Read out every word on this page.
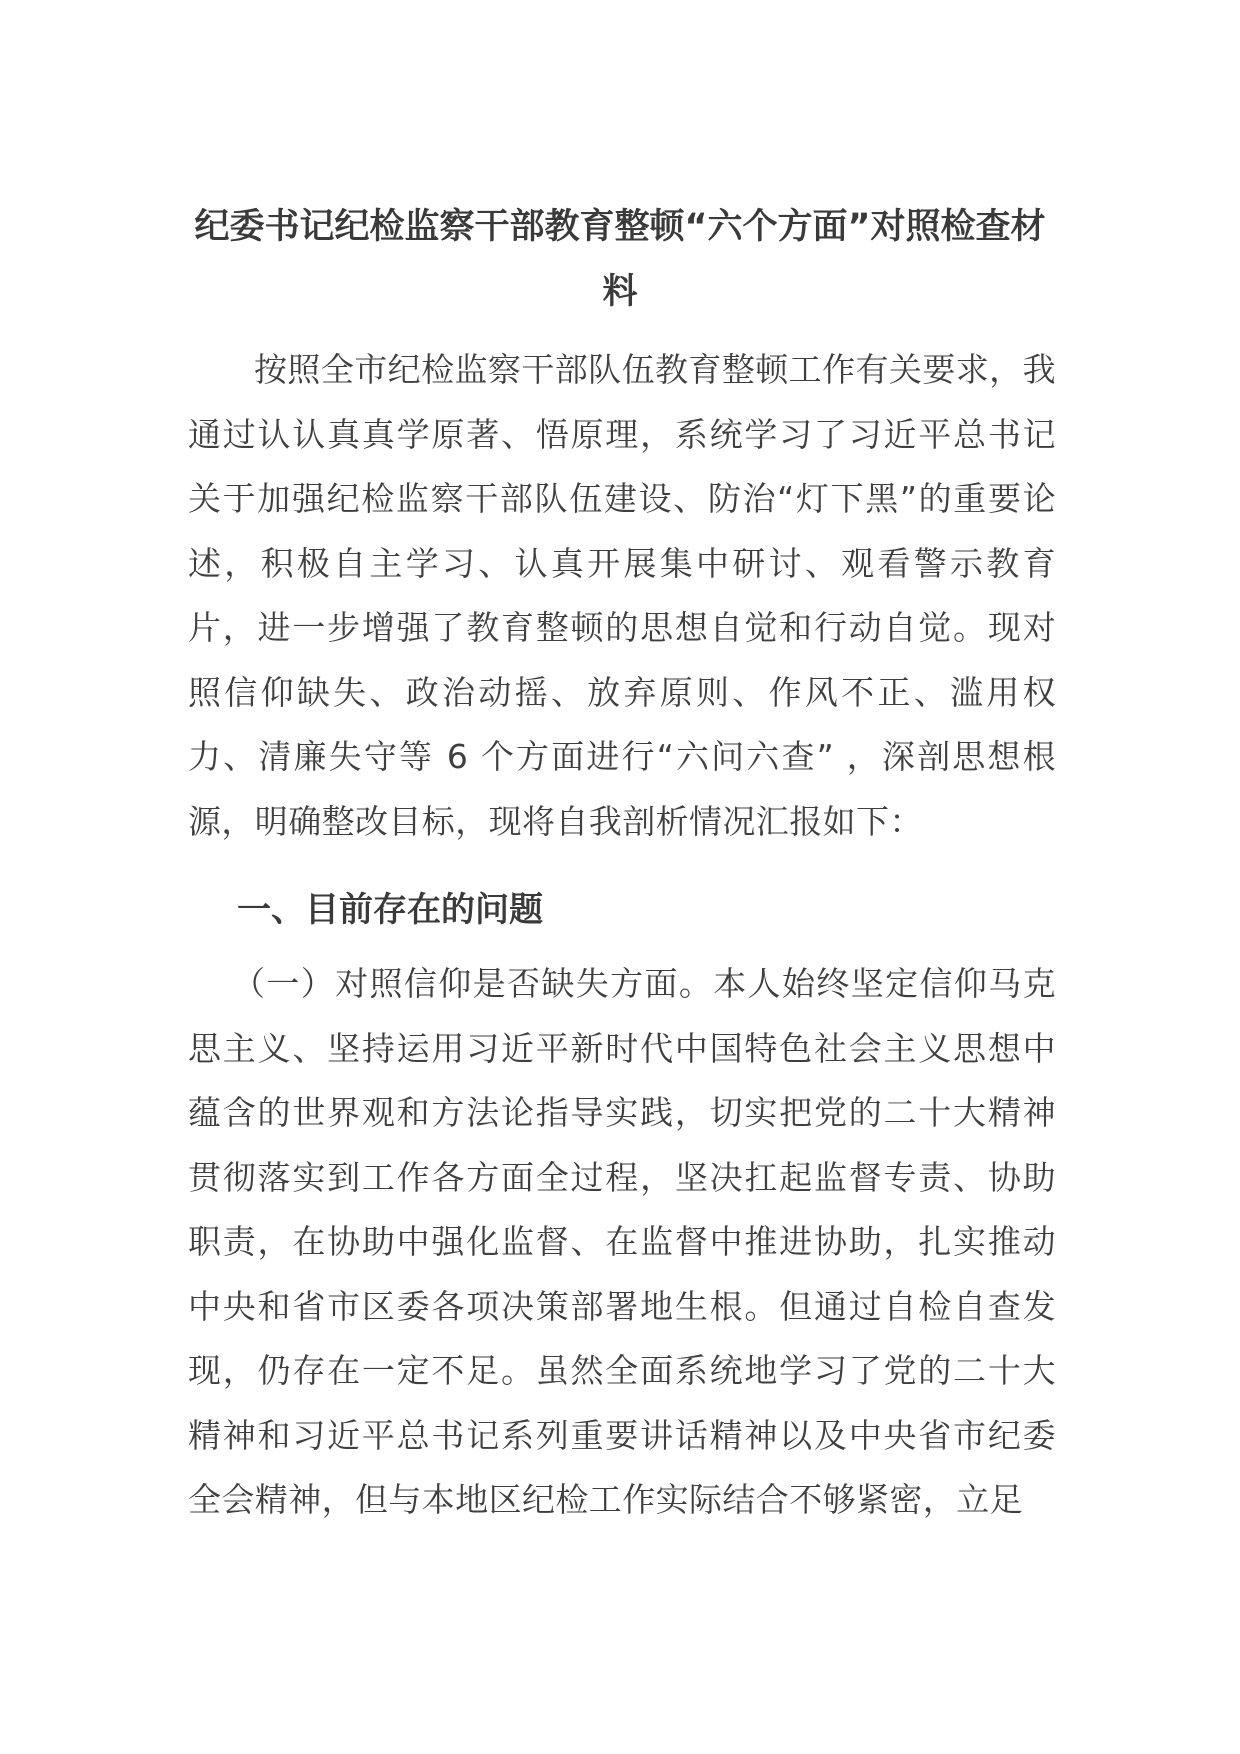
纪委书记纪检监察干部教育整顿“六个方面”对照检查材料

按照全市纪检监察干部队伍教育整顿工作有关要求，我通过认认真真学原著、悟原理，系统学习了习近平总书记关于加强纪检监察干部队伍建设、防治“灯下黑”的重要论述，积极自主学习、认真开展集中研讨、观看警示教育片，进一步增强了教育整顿的思想自觉和行动自觉。现对照信仰缺失、政治动摇、放弃原则、作风不正、滥用权力、清廉失守等 6 个方面进行“六问六查” ，深剖思想根源，明确整改目标，现将自我剖析情况汇报如下：

一、目前存在的问题

（一）对照信仰是否缺失方面。本人始终坚定信仰马克思主义、坚持运用习近平新时代中国特色社会主义思想中蕴含的世界观和方法论指导实践，切实把党的二十大精神贯彻落实到工作各方面全过程，坚决扛起监督专责、协助职责，在协助中强化监督、在监督中推进协助，扎实推动中央和省市区委各项决策部署地生根。但通过自检自查发现，仍存在一定不足。虽然全面系统地学习了党的二十大精神和习近平总书记系列重要讲话精神以及中央省市纪委全会精神，但与本地区纪检工作实际结合不够紧密，立足
